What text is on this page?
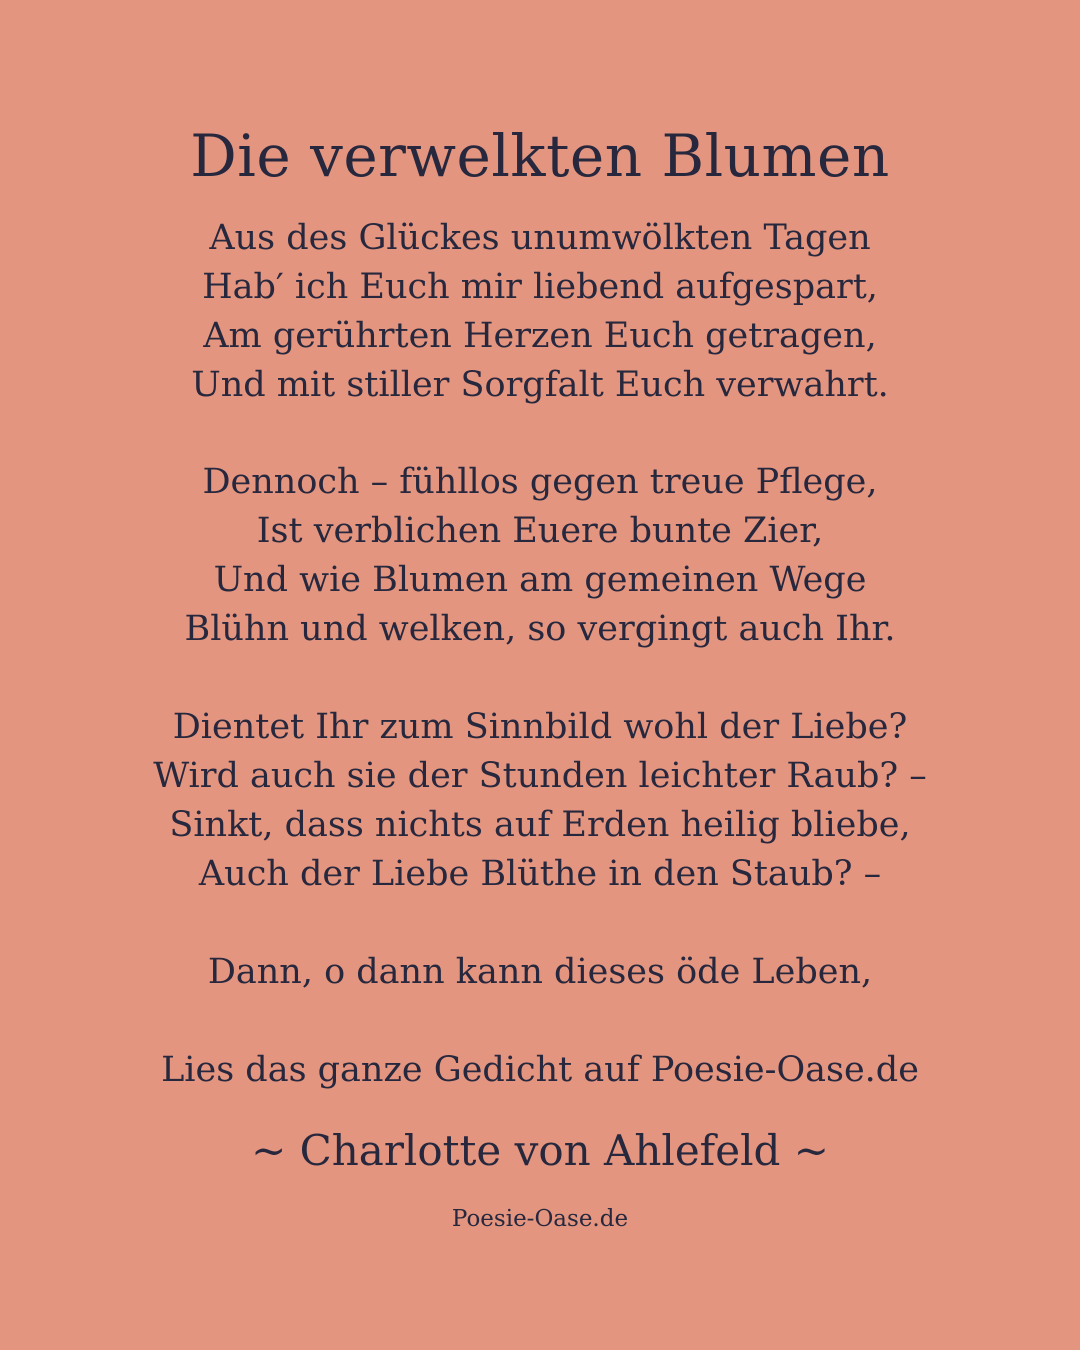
Die verwelkten Blumen
Aus des Glückes unumwölkten Tagen
Hab′ ich Euch mir liebend aufgespart,
Am gerührten Herzen Euch getragen,
Und mit stiller Sorgfalt Euch verwahrt.
Dennoch – fühllos gegen treue Pflege,
Ist verblichen Euere bunte Zier,
Und wie Blumen am gemeinen Wege
Blühn und welken, so vergingt auch Ihr.
Dientet Ihr zum Sinnbild wohl der Liebe?
Wird auch sie der Stunden leichter Raub? –
Sinkt, dass nichts auf Erden heilig bliebe,
Auch der Liebe Blüthe in den Staub? –
Dann, o dann kann dieses öde Leben,
Lies das ganze Gedicht auf Poesie-Oase.de
~ Charlotte von Ahlefeld ~
Poesie-Oase.de
